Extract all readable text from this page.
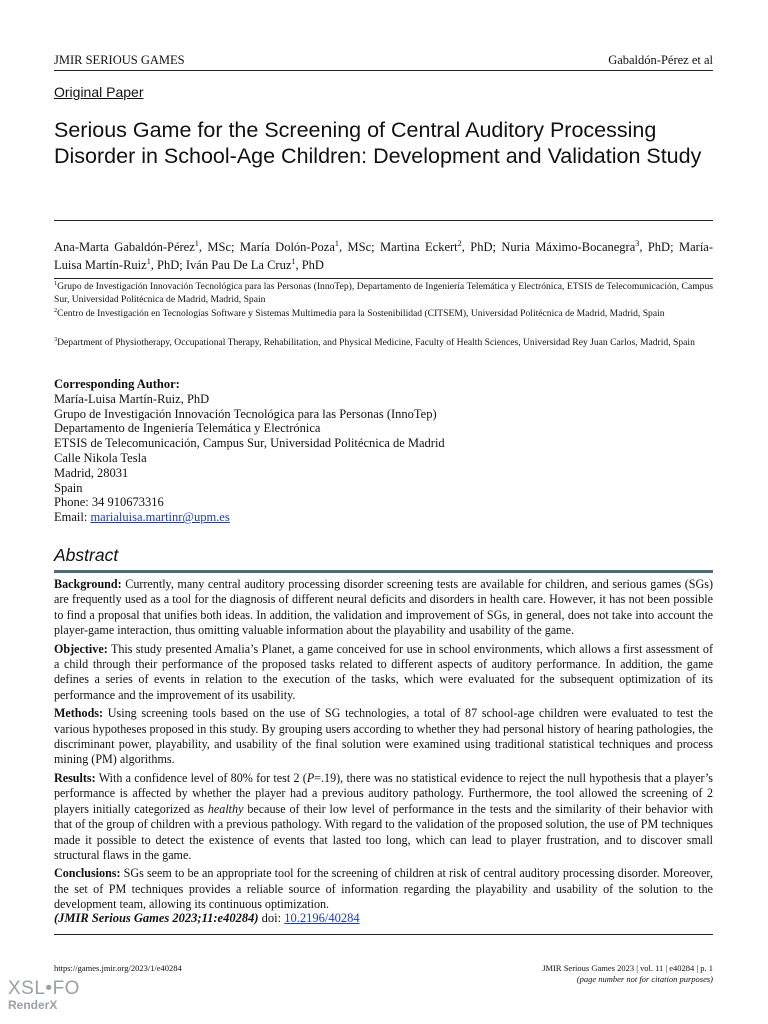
JMIR SERIOUS GAMES	Gabaldón-Pérez et al
Original Paper
Serious Game for the Screening of Central Auditory Processing Disorder in School-Age Children: Development and Validation Study
Ana-Marta Gabaldón-Pérez$^1$, MSc; María Dolón-Poza$^1$, MSc; Martina Eckert$^2$, PhD; Nuria Máximo-Bocanegra$^3$, PhD; María-Luisa Martín-Ruiz$^1$, PhD; Iván Pau De La Cruz$^1$, PhD
$^1$Grupo de Investigación Innovación Tecnológica para las Personas (InnoTep), Departamento de Ingeniería Telemática y Electrónica, ETSIS de Telecomunicación, Campus Sur, Universidad Politécnica de Madrid, Madrid, Spain
$^2$Centro de Investigación en Tecnologías Software y Sistemas Multimedia para la Sostenibilidad (CITSEM), Universidad Politécnica de Madrid, Madrid, Spain
$^3$Department of Physiotherapy, Occupational Therapy, Rehabilitation, and Physical Medicine, Faculty of Health Sciences, Universidad Rey Juan Carlos, Madrid, Spain
Corresponding Author:
María-Luisa Martín-Ruiz, PhD
Grupo de Investigación Innovación Tecnológica para las Personas (InnoTep)
Departamento de Ingeniería Telemática y Electrónica
ETSIS de Telecomunicación, Campus Sur, Universidad Politécnica de Madrid
Calle Nikola Tesla
Madrid, 28031
Spain
Phone: 34 910673316
Email: marialuisa.martinr@upm.es
Abstract

Background: Currently, many central auditory processing disorder screening tests are available for children, and serious games (SGs) are frequently used as a tool for the diagnosis of different neural deficits and disorders in health care. However, it has not been possible to find a proposal that unifies both ideas. In addition, the validation and improvement of SGs, in general, does not take into account the player-game interaction, thus omitting valuable information about the playability and usability of the game.

Objective: This study presented Amalia’s Planet, a game conceived for use in school environments, which allows a first assessment of a child through their performance of the proposed tasks related to different aspects of auditory performance. In addition, the game defines a series of events in relation to the execution of the tasks, which were evaluated for the subsequent optimization of its performance and the improvement of its usability.

Methods: Using screening tools based on the use of SG technologies, a total of 87 school-age children were evaluated to test the various hypotheses proposed in this study. By grouping users according to whether they had personal history of hearing pathologies, the discriminant power, playability, and usability of the final solution were examined using traditional statistical techniques and process mining (PM) algorithms.

Results: With a confidence level of 80% for test 2 (P=.19), there was no statistical evidence to reject the null hypothesis that a player’s performance is affected by whether the player had a previous auditory pathology. Furthermore, the tool allowed the screening of 2 players initially categorized as healthy because of their low level of performance in the tests and the similarity of their behavior with that of the group of children with a previous pathology. With regard to the validation of the proposed solution, the use of PM techniques made it possible to detect the existence of events that lasted too long, which can lead to player frustration, and to discover small structural flaws in the game.

Conclusions: SGs seem to be an appropriate tool for the screening of children at risk of central auditory processing disorder. Moreover, the set of PM techniques provides a reliable source of information regarding the playability and usability of the solution to the development team, allowing its continuous optimization.

(JMIR Serious Games 2023;11:e40284) doi: 10.2196/40284
https://games.jmir.org/2023/1/e40284	JMIR Serious Games 2023 | vol. 11 | e40284 | p. 1
(page number not for citation purposes)
XSL•FO
RenderX
